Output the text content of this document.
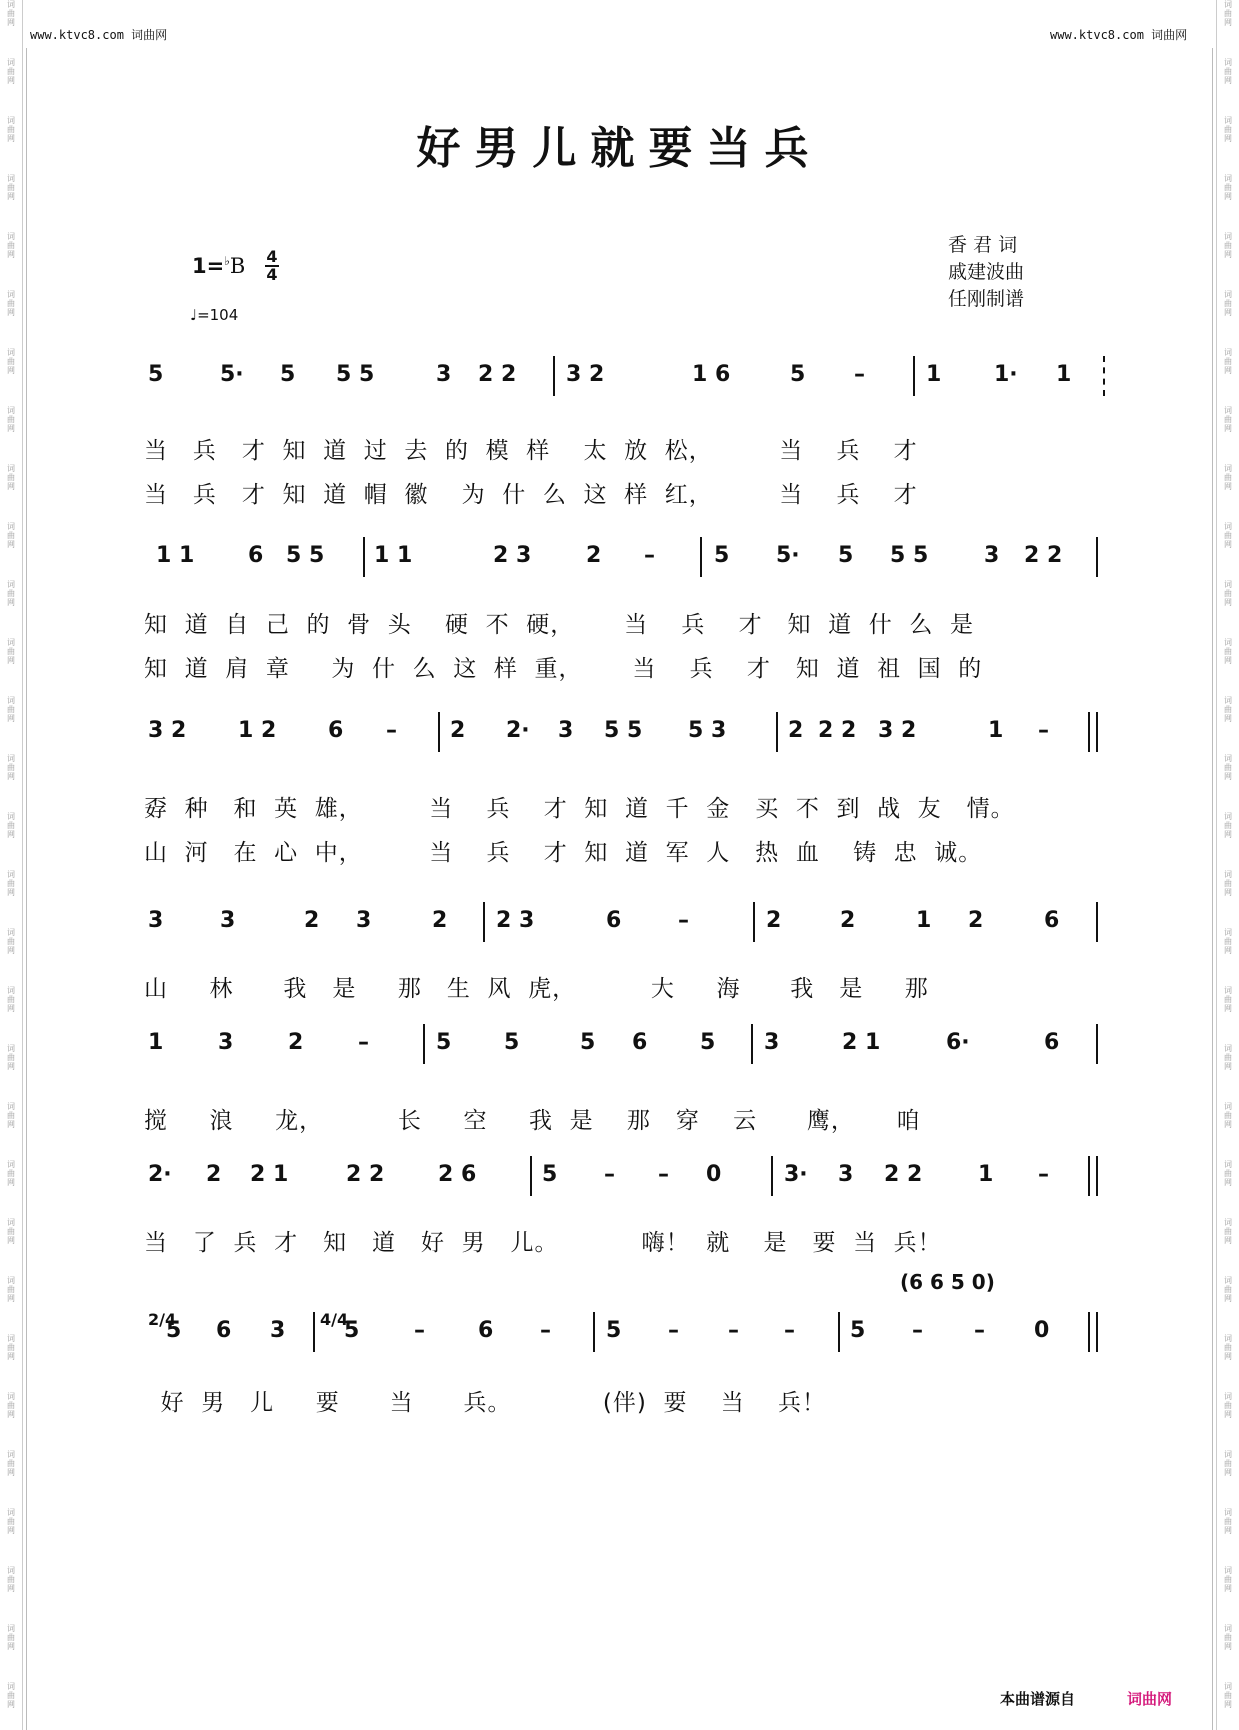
词
曲
网
词
曲
网
词
曲
网
词
曲
网
词
曲
网
词
曲
网
词
曲
网
词
曲
网
词
曲
网
词
曲
网
词
曲
网
词
曲
网
词
曲
网
词
曲
网
词
曲
网
词
曲
网
词
曲
网
词
曲
网
词
曲
网
词
曲
网
词
曲
网
词
曲
网
词
曲
网
词
曲
网
词
曲
网
词
曲
网
词
曲
网
词
曲
网
词
曲
网
词
曲
网
词
曲
网
词
曲
网
词
曲
网
词
曲
网
词
曲
网
词
曲
网
词
曲
网
词
曲
网
词
曲
网
词
曲
网
词
曲
网
词
曲
网
词
曲
网
词
曲
网
词
曲
网
词
曲
网
词
曲
网
词
曲
网
词
曲
网
词
曲
网
词
曲
网
词
曲
网
词
曲
网
词
曲
网
词
曲
网
词
曲
网
词
曲
网
词
曲
网
词
曲
网
词
曲
网
www.ktvc8.com 词曲网	www.ktvc8.com 词曲网
好男儿就要当兵
香 君 词
戚建波曲
任刚制谱
1=♭B 4
4
♩=104
5	5· 5 5 5	3 2 2 3 2	1 6	5 –	1 1· 1
当   兵   才  知  道  过  去  的  模  样    太  放  松，        当    兵    才
当   兵   才  知  道  帽  徽    为  什  么  这  样  红，        当    兵    才
1 1 6 5 5 1 1	2 3 2 –	5 5· 5 5 5	3 2 2
知  道  自  己  的  骨  头    硬  不  硬，      当    兵    才   知  道  什  么  是
知  道  肩  章     为  什  么  这  样  重，      当    兵    才   知  道  祖  国  的
3 2 1 2 6 – 2 2· 3 5 5 5 3	2 2 2 3 2	1 –
孬  种   和  英  雄，        当    兵    才  知  道  千  金   买  不  到  战  友   情。
山  河   在  心  中，        当    兵    才  知  道  军  人   热  血    铸  忠  诚。
3	3	2 3	2 2 3	6	–	2	2	1 2	6
山     林      我   是     那   生  风  虎，         大     海      我   是     那
1 3 2 –	5 5	5 6 5 3	2 1	6·	6
搅     浪     龙，         长     空     我  是    那   穿    云      鹰，     咱
2· 2 2 1	2 2 2 6	5 – – 0	3· 3 2 2	1 –
当   了  兵  才   知   道   好  男   儿。          嗨！  就    是   要  当  兵！
(6 6 5 0)
2/4
5 6 3 4/4
5 – 6 –	5 – – –	5 – – 0
好  男   儿     要      当      兵。           (伴)  要    当    兵！
本曲谱源自	词曲网
